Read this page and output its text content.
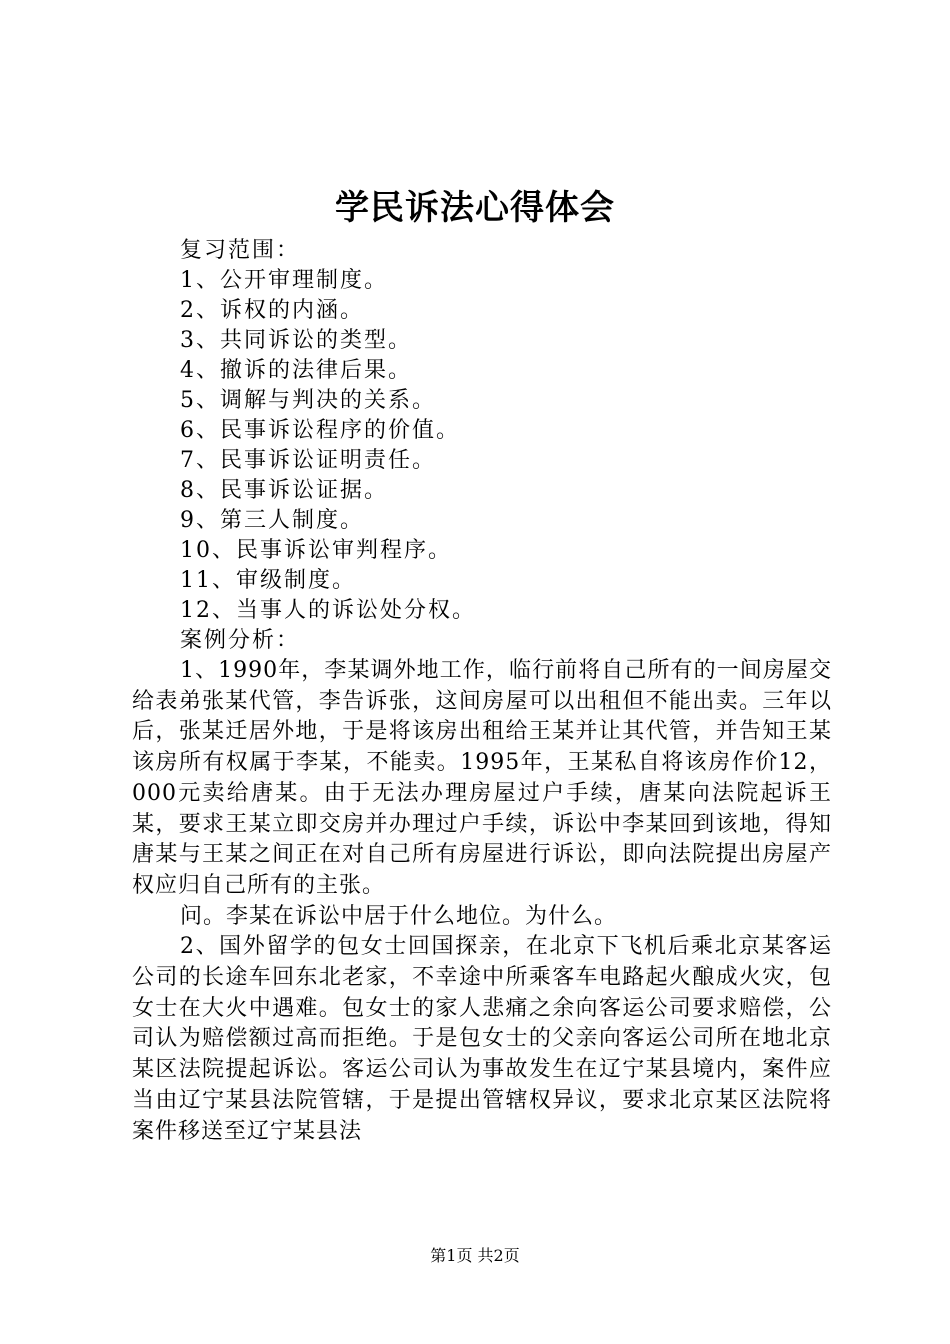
学民诉法心得体会
复习范围：
1、公开审理制度。
2、诉权的内涵。
3、共同诉讼的类型。
4、撤诉的法律后果。
5、调解与判决的关系。
6、民事诉讼程序的价值。
7、民事诉讼证明责任。
8、民事诉讼证据。
9、第三人制度。
10、民事诉讼审判程序。
11、审级制度。
12、当事人的诉讼处分权。
案例分析：

1、1990年，李某调外地工作，临行前将自己所有的一间房屋交给表弟张某代管，李告诉张，这间房屋可以出租但不能出卖。三年以后，张某迁居外地，于是将该房出租给王某并让其代管，并告知王某该房所有权属于李某，不能卖。1995年，王某私自将该房作价12，000元卖给唐某。由于无法办理房屋过户手续，唐某向法院起诉王某，要求王某立即交房并办理过户手续，诉讼中李某回到该地，得知唐某与王某之间正在对自己所有房屋进行诉讼，即向法院提出房屋产权应归自己所有的主张。

问。李某在诉讼中居于什么地位。为什么。

2、国外留学的包女士回国探亲，在北京下飞机后乘北京某客运公司的长途车回东北老家，不幸途中所乘客车电路起火酿成火灾，包女士在大火中遇难。包女士的家人悲痛之余向客运公司要求赔偿，公司认为赔偿额过高而拒绝。于是包女士的父亲向客运公司所在地北京某区法院提起诉讼。客运公司认为事故发生在辽宁某县境内，案件应当由辽宁某县法院管辖，于是提出管辖权异议，要求北京某区法院将案件移送至辽宁某县法

第1页 共2页
